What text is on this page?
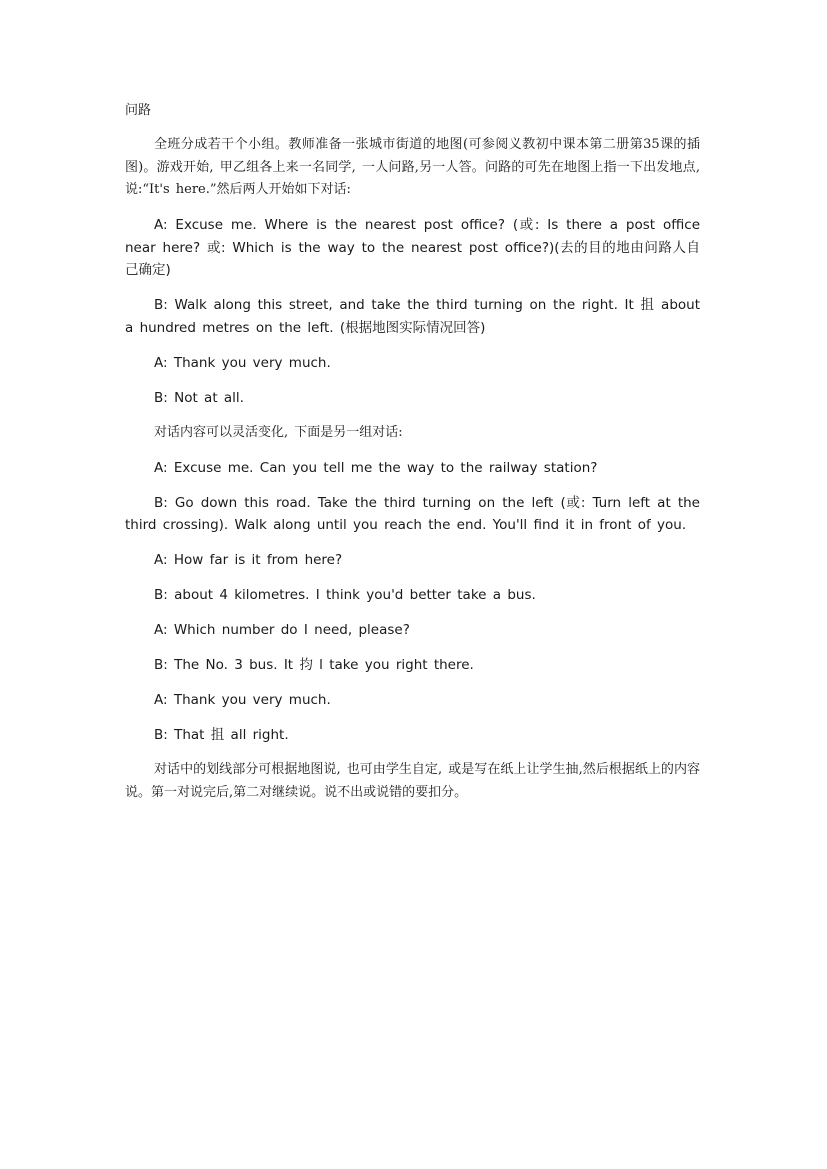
问路

全班分成若干个小组。教师准备一张城市街道的地图(可参阅义教初中课本第二册第35课的插图)。游戏开始, 甲乙组各上来一名同学, 一人问路,另一人答。问路的可先在地图上指一下出发地点,说:“It's here.”然后两人开始如下对话:

A: Excuse me. Where is the nearest post office? (或: Is there a post office near here? 或: Which is the way to the nearest post office?)(去的目的地由问路人自己确定)

B: Walk along this street, and take the third turning on the right. It 抯 about a hundred metres on the left. (根据地图实际情况回答)

A: Thank you very much.

B: Not at all.

对话内容可以灵活变化, 下面是另一组对话:

A: Excuse me. Can you tell me the way to the railway station?

B: Go down this road. Take the third turning on the left (或: Turn left at the third crossing). Walk along until you reach the end. You'll find it in front of you.

A: How far is it from here?

B: about 4 kilometres. I think you'd better take a bus.

A: Which number do I need, please?

B: The No. 3 bus. It 抣 l take you right there.

A: Thank you very much.

B: That 抯 all right.

对话中的划线部分可根据地图说, 也可由学生自定, 或是写在纸上让学生抽,然后根据纸上的内容说。第一对说完后,第二对继续说。说不出或说错的要扣分。
